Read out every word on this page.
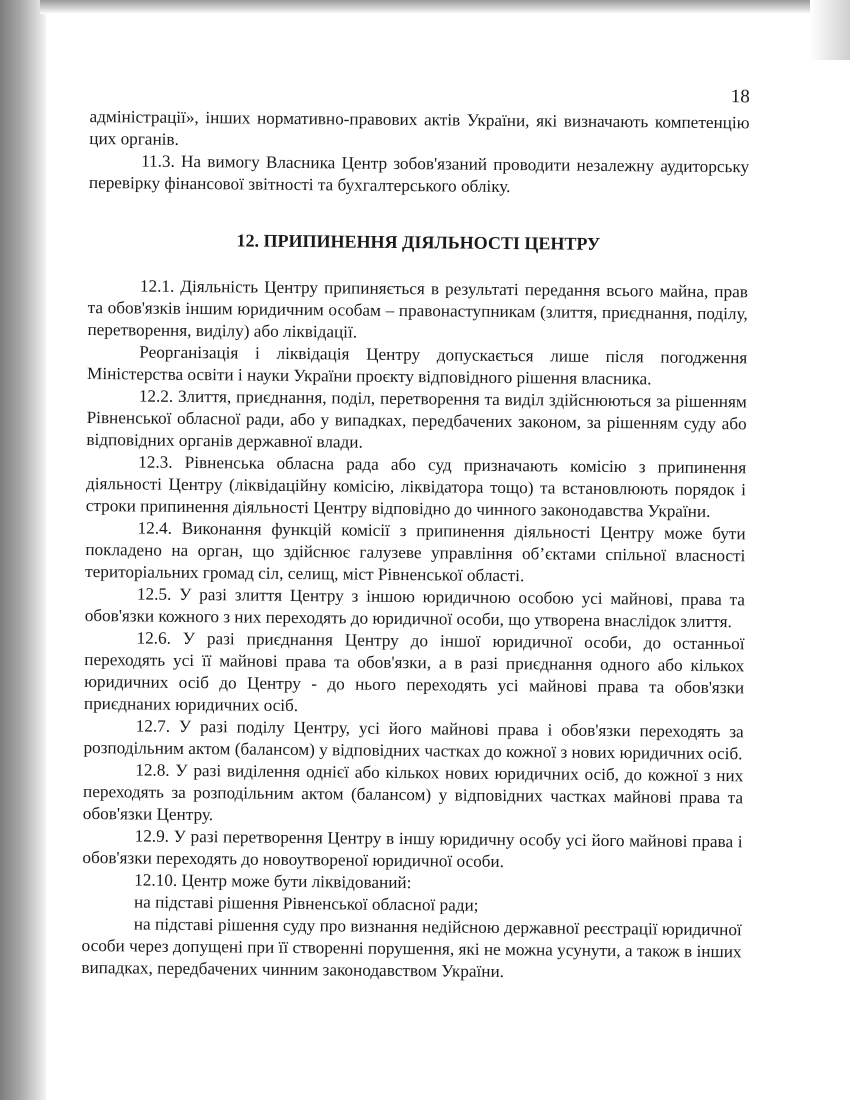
18

адміністрації», інших нормативно-правових актів України, які визначають компетенцію цих органів.

11.3. На вимогу Власника Центр зобов'язаний проводити незалежну аудиторську перевірку фінансової звітності та бухгалтерського обліку.

12. ПРИПИНЕННЯ ДІЯЛЬНОСТІ ЦЕНТРУ

12.1. Діяльність Центру припиняється в результаті передання всього майна, прав та обов'язків іншим юридичним особам – правонаступникам (злиття, приєднання, поділу, перетворення, виділу) або ліквідації.

Реорганізація і ліквідація Центру допускається лише після погодження Міністерства освіти і науки України проєкту відповідного рішення власника.

12.2. Злиття, приєднання, поділ, перетворення та виділ здійснюються за рішенням Рівненської обласної ради, або у випадках, передбачених законом, за рішенням суду або відповідних органів державної влади.

12.3. Рівненська обласна рада або суд призначають комісію з припинення діяльності Центру (ліквідаційну комісію, ліквідатора тощо) та встановлюють порядок і строки припинення діяльності Центру відповідно до чинного законодавства України.

12.4. Виконання функцій комісії з припинення діяльності Центру може бути покладено на орган, що здійснює галузеве управління об’єктами спільної власності територіальних громад сіл, селищ, міст Рівненської області.

12.5. У разі злиття Центру з іншою юридичною особою усі майнові, права та обов'язки кожного з них переходять до юридичної особи, що утворена внаслідок злиття.

12.6. У разі приєднання Центру до іншої юридичної особи, до останньої переходять усі її майнові права та обов'язки, а в разі приєднання одного або кількох юридичних осіб до Центру - до нього переходять усі майнові права та обов'язки приєднаних юридичних осіб.

12.7. У разі поділу Центру, усі його майнові права і обов'язки переходять за розподільним актом (балансом) у відповідних частках до кожної з нових юридичних осіб.

12.8. У разі виділення однієї або кількох нових юридичних осіб, до кожної з них переходять за розподільним актом (балансом) у відповідних частках майнові права та обов'язки Центру.

12.9. У разі перетворення Центру в іншу юридичну особу усі його майнові права і обов'язки переходять до новоутвореної юридичної особи.

12.10. Центр може бути ліквідований:

на підставі рішення Рівненської обласної ради;

на підставі рішення суду про визнання недійсною державної реєстрації юридичної особи через допущені при її створенні порушення, які не можна усунути, а також в інших випадках, передбачених чинним законодавством України.
